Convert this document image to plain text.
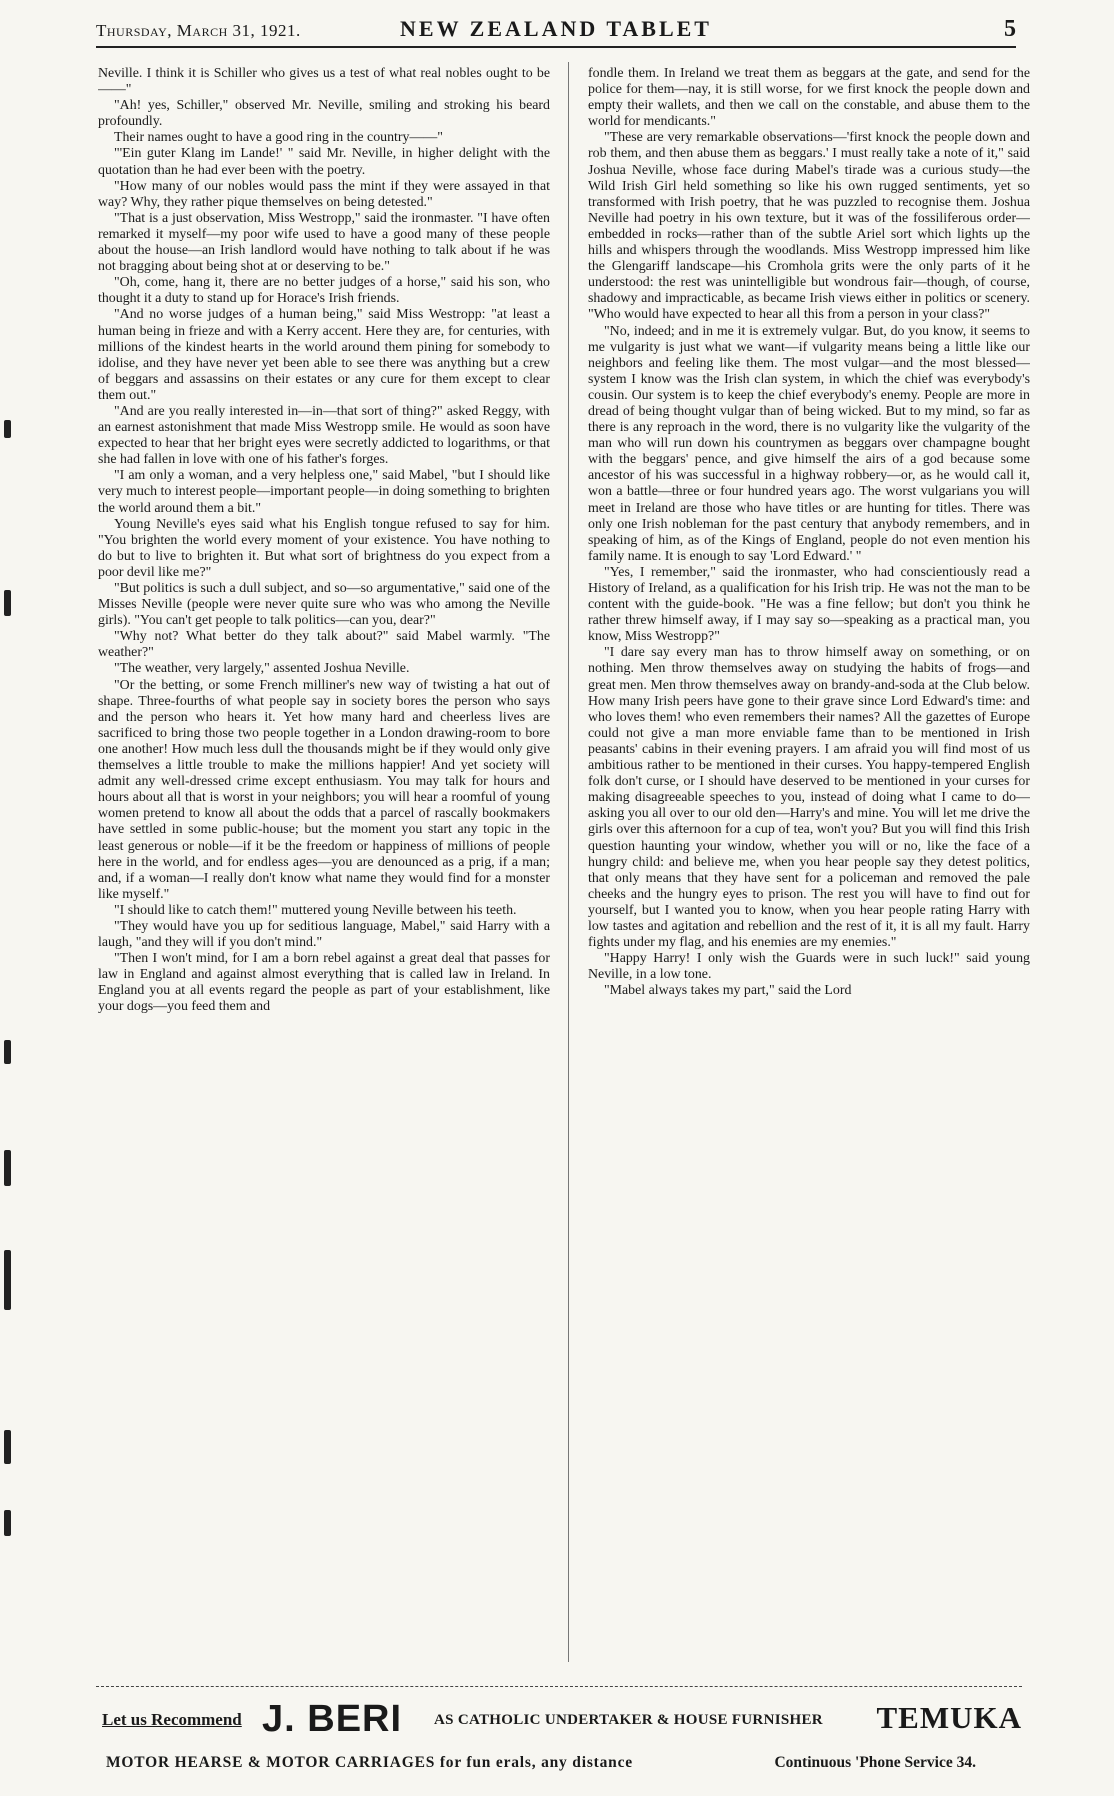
Thursday, March 31, 1921.	NEW ZEALAND TABLET	5

Neville. I think it is Schiller who gives us a test of what real nobles ought to be——"

"Ah! yes, Schiller," observed Mr. Neville, smiling and stroking his beard profoundly.

Their names ought to have a good ring in the country——"

"'Ein guter Klang im Lande!' " said Mr. Neville, in higher delight with the quotation than he had ever been with the poetry.

"How many of our nobles would pass the mint if they were assayed in that way? Why, they rather pique themselves on being detested."

"That is a just observation, Miss Westropp," said the ironmaster. "I have often remarked it myself—my poor wife used to have a good many of these people about the house—an Irish landlord would have nothing to talk about if he was not bragging about being shot at or deserving to be."

"Oh, come, hang it, there are no better judges of a horse," said his son, who thought it a duty to stand up for Horace's Irish friends.

"And no worse judges of a human being," said Miss Westropp: "at least a human being in frieze and with a Kerry accent. Here they are, for centuries, with millions of the kindest hearts in the world around them pining for somebody to idolise, and they have never yet been able to see there was anything but a crew of beggars and assassins on their estates or any cure for them except to clear them out."

"And are you really interested in—in—that sort of thing?" asked Reggy, with an earnest astonishment that made Miss Westropp smile. He would as soon have expected to hear that her bright eyes were secretly addicted to logarithms, or that she had fallen in love with one of his father's forges.

"I am only a woman, and a very helpless one," said Mabel, "but I should like very much to interest people—important people—in doing something to brighten the world around them a bit."

Young Neville's eyes said what his English tongue refused to say for him. "You brighten the world every moment of your existence. You have nothing to do but to live to brighten it. But what sort of brightness do you expect from a poor devil like me?"

"But politics is such a dull subject, and so—so argumentative," said one of the Misses Neville (people were never quite sure who was who among the Neville girls). "You can't get people to talk politics—can you, dear?"

"Why not? What better do they talk about?" said Mabel warmly. "The weather?"

"The weather, very largely," assented Joshua Neville.

"Or the betting, or some French milliner's new way of twisting a hat out of shape. Three-fourths of what people say in society bores the person who says and the person who hears it. Yet how many hard and cheerless lives are sacrificed to bring those two people together in a London drawing-room to bore one another! How much less dull the thousands might be if they would only give themselves a little trouble to make the millions happier! And yet society will admit any well-dressed crime except enthusiasm. You may talk for hours and hours about all that is worst in your neighbors; you will hear a roomful of young women pretend to know all about the odds that a parcel of rascally bookmakers have settled in some public-house; but the moment you start any topic in the least generous or noble—if it be the freedom or happiness of millions of people here in the world, and for endless ages—you are denounced as a prig, if a man; and, if a woman—I really don't know what name they would find for a monster like myself."

"I should like to catch them!" muttered young Neville between his teeth.

"They would have you up for seditious language, Mabel," said Harry with a laugh, "and they will if you don't mind."

"Then I won't mind, for I am a born rebel against a great deal that passes for law in England and against almost everything that is called law in Ireland. In England you at all events regard the people as part of your establishment, like your dogs—you feed them and

fondle them. In Ireland we treat them as beggars at the gate, and send for the police for them—nay, it is still worse, for we first knock the people down and empty their wallets, and then we call on the constable, and abuse them to the world for mendicants."

"These are very remarkable observations—'first knock the people down and rob them, and then abuse them as beggars.' I must really take a note of it," said Joshua Neville, whose face during Mabel's tirade was a curious study—the Wild Irish Girl held something so like his own rugged sentiments, yet so transformed with Irish poetry, that he was puzzled to recognise them. Joshua Neville had poetry in his own texture, but it was of the fossiliferous order—embedded in rocks—rather than of the subtle Ariel sort which lights up the hills and whispers through the woodlands. Miss Westropp impressed him like the Glengariff landscape—his Cromhola grits were the only parts of it he understood: the rest was unintelligible but wondrous fair—though, of course, shadowy and impracticable, as became Irish views either in politics or scenery. "Who would have expected to hear all this from a person in your class?"

"No, indeed; and in me it is extremely vulgar. But, do you know, it seems to me vulgarity is just what we want—if vulgarity means being a little like our neighbors and feeling like them. The most vulgar—and the most blessed—system I know was the Irish clan system, in which the chief was everybody's cousin. Our system is to keep the chief everybody's enemy. People are more in dread of being thought vulgar than of being wicked. But to my mind, so far as there is any reproach in the word, there is no vulgarity like the vulgarity of the man who will run down his countrymen as beggars over champagne bought with the beggars' pence, and give himself the airs of a god because some ancestor of his was successful in a highway robbery—or, as he would call it, won a battle—three or four hundred years ago. The worst vulgarians you will meet in Ireland are those who have titles or are hunting for titles. There was only one Irish nobleman for the past century that anybody remembers, and in speaking of him, as of the Kings of England, people do not even mention his family name. It is enough to say 'Lord Edward.' "

"Yes, I remember," said the ironmaster, who had conscientiously read a History of Ireland, as a qualification for his Irish trip. He was not the man to be content with the guide-book. "He was a fine fellow; but don't you think he rather threw himself away, if I may say so—speaking as a practical man, you know, Miss Westropp?"

"I dare say every man has to throw himself away on something, or on nothing. Men throw themselves away on studying the habits of frogs—and great men. Men throw themselves away on brandy-and-soda at the Club below. How many Irish peers have gone to their grave since Lord Edward's time: and who loves them! who even remembers their names? All the gazettes of Europe could not give a man more enviable fame than to be mentioned in Irish peasants' cabins in their evening prayers. I am afraid you will find most of us ambitious rather to be mentioned in their curses. You happy-tempered English folk don't curse, or I should have deserved to be mentioned in your curses for making disagreeable speeches to you, instead of doing what I came to do—asking you all over to our old den—Harry's and mine. You will let me drive the girls over this afternoon for a cup of tea, won't you? But you will find this Irish question haunting your window, whether you will or no, like the face of a hungry child: and believe me, when you hear people say they detest politics, that only means that they have sent for a policeman and removed the pale cheeks and the hungry eyes to prison. The rest you will have to find out for yourself, but I wanted you to know, when you hear people rating Harry with low tastes and agitation and rebellion and the rest of it, it is all my fault. Harry fights under my flag, and his enemies are my enemies."

"Happy Harry! I only wish the Guards were in such luck!" said young Neville, in a low tone.

"Mabel always takes my part," said the Lord

Let us Recommend J. BERI AS CATHOLIC UNDERTAKER & HOUSE FURNISHER TEMUKA
MOTOR HEARSE & MOTOR CARRIAGES for fun erals, any distance	Continuous 'Phone Service 34.
